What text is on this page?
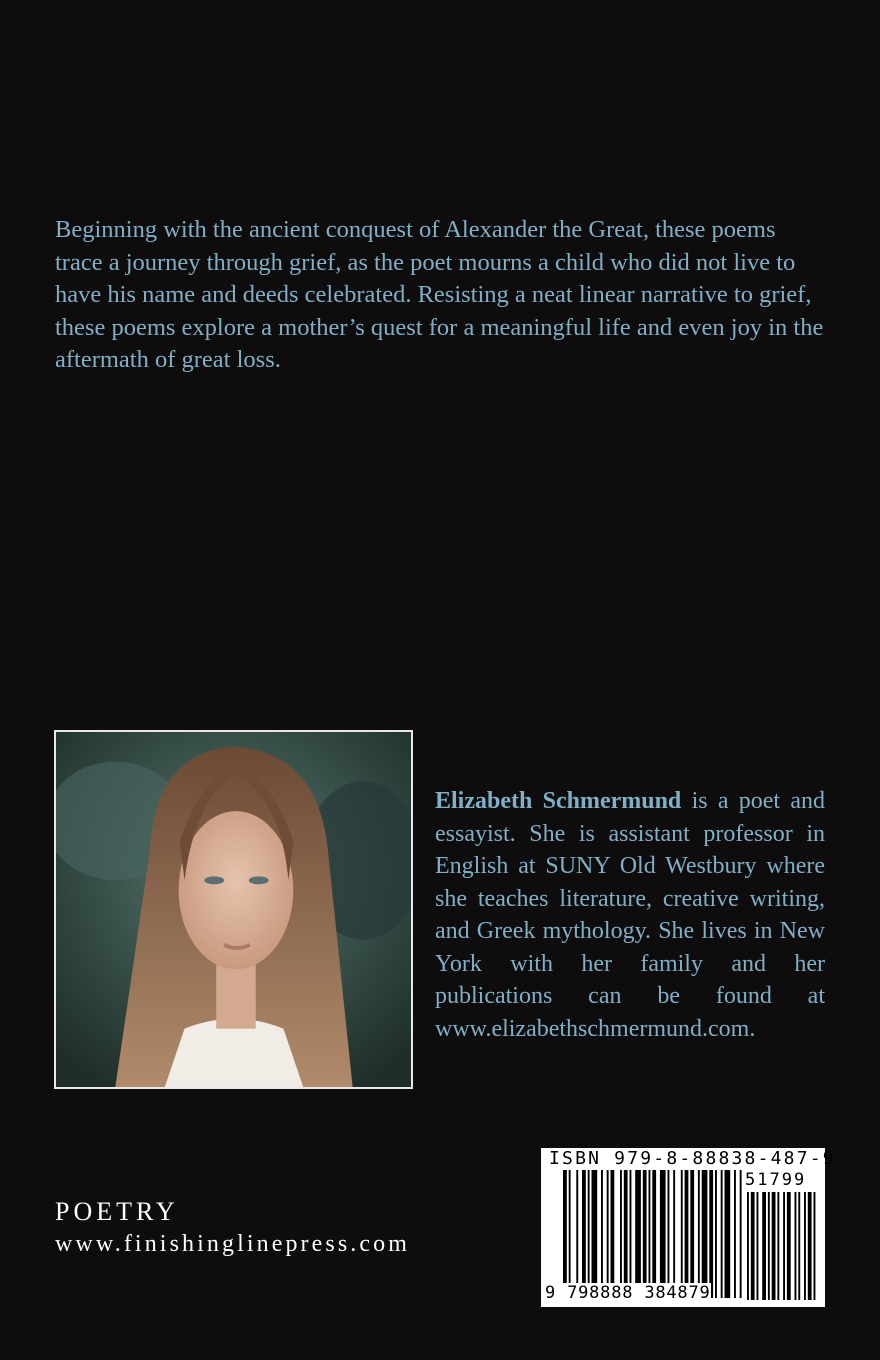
Beginning with the ancient conquest of Alexander the Great, these poems trace a journey through grief, as the poet mourns a child who did not live to have his name and deeds celebrated. Resisting a neat linear narrative to grief, these poems explore a mother’s quest for a meaningful life and even joy in the aftermath of great loss.

Elizabeth Schmermund is a poet and essayist. She is assistant professor in English at SUNY Old Westbury where she teaches literature, creative writing, and Greek mythology. She lives in New York with her family and her publications can be found at www.elizabethschmermund.com.

POETRY
www.finishinglinepress.com
ISBN 979-8-88838-487-9
51799
9 798888 384879
